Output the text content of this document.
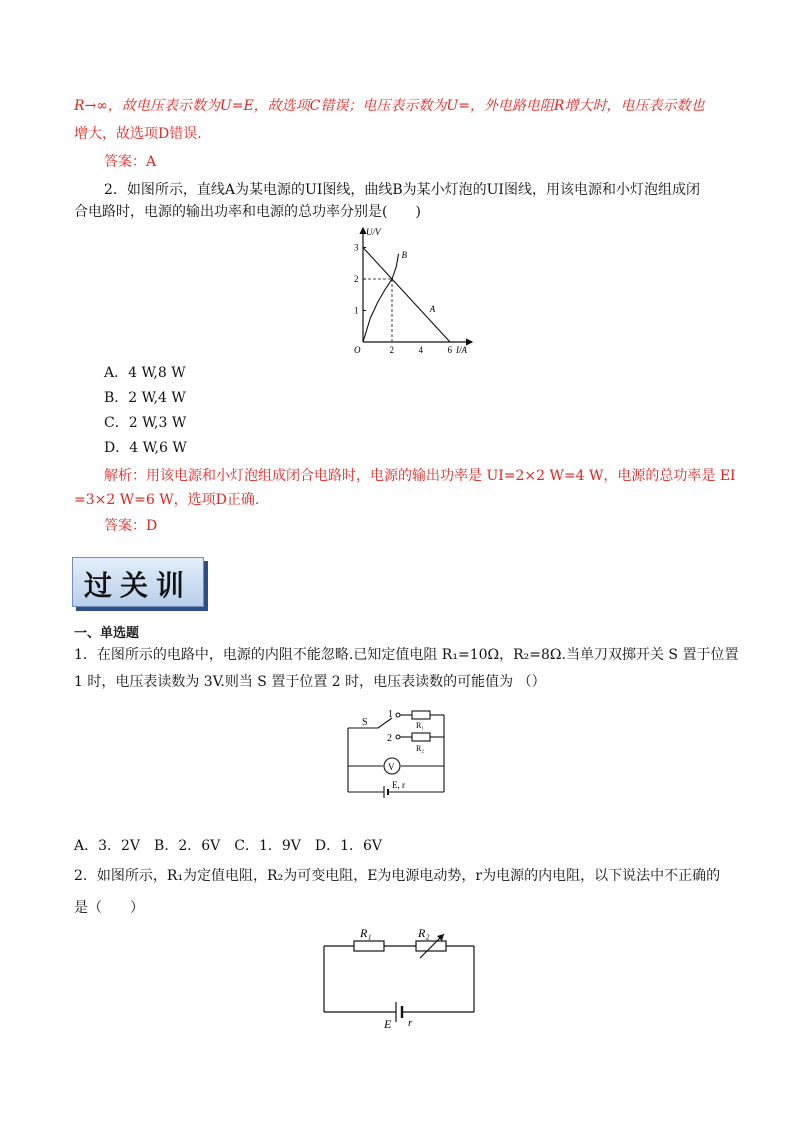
R→∞，故电压表示数为U=E，故选项C错误；电压表示数为U=，外电路电阻R增大时，电压表示数也
增大，故选项D错误.
答案：A
2．如图所示，直线A为某电源的UI图线，曲线B为某小灯泡的UI图线，用该电源和小灯泡组成闭
合电路时，电源的输出功率和电源的总功率分别是(　　)
U/V
I/A
O
1
2
3
2	4	6
A
B
A．4 W,8 W
B．2 W,4 W
C．2 W,3 W
D．4 W,6 W
解析：用该电源和小灯泡组成闭合电路时，电源的输出功率是 UI=2×2 W=4 W，电源的总功率是 EI
=3×2 W=6 W，选项D正确.
答案：D
过关训
一、单选题
1．在图所示的电路中，电源的内阻不能忽略.已知定值电阻 R₁=10Ω，R₂=8Ω.当单刀双掷开关 S 置于位置
1 时，电压表读数为 3V.则当 S 置于位置 2 时，电压表读数的可能值为 （）
S
1
2
R₁
R₂
V
E, r
A．3．2V　B．2．6V　C．1．9V　D．1．6V
2．如图所示，R₁为定值电阻，R₂为可变电阻，E为电源电动势，r为电源的内电阻，以下说法中不正确的
是（　　）
R₁	R₂
E r
